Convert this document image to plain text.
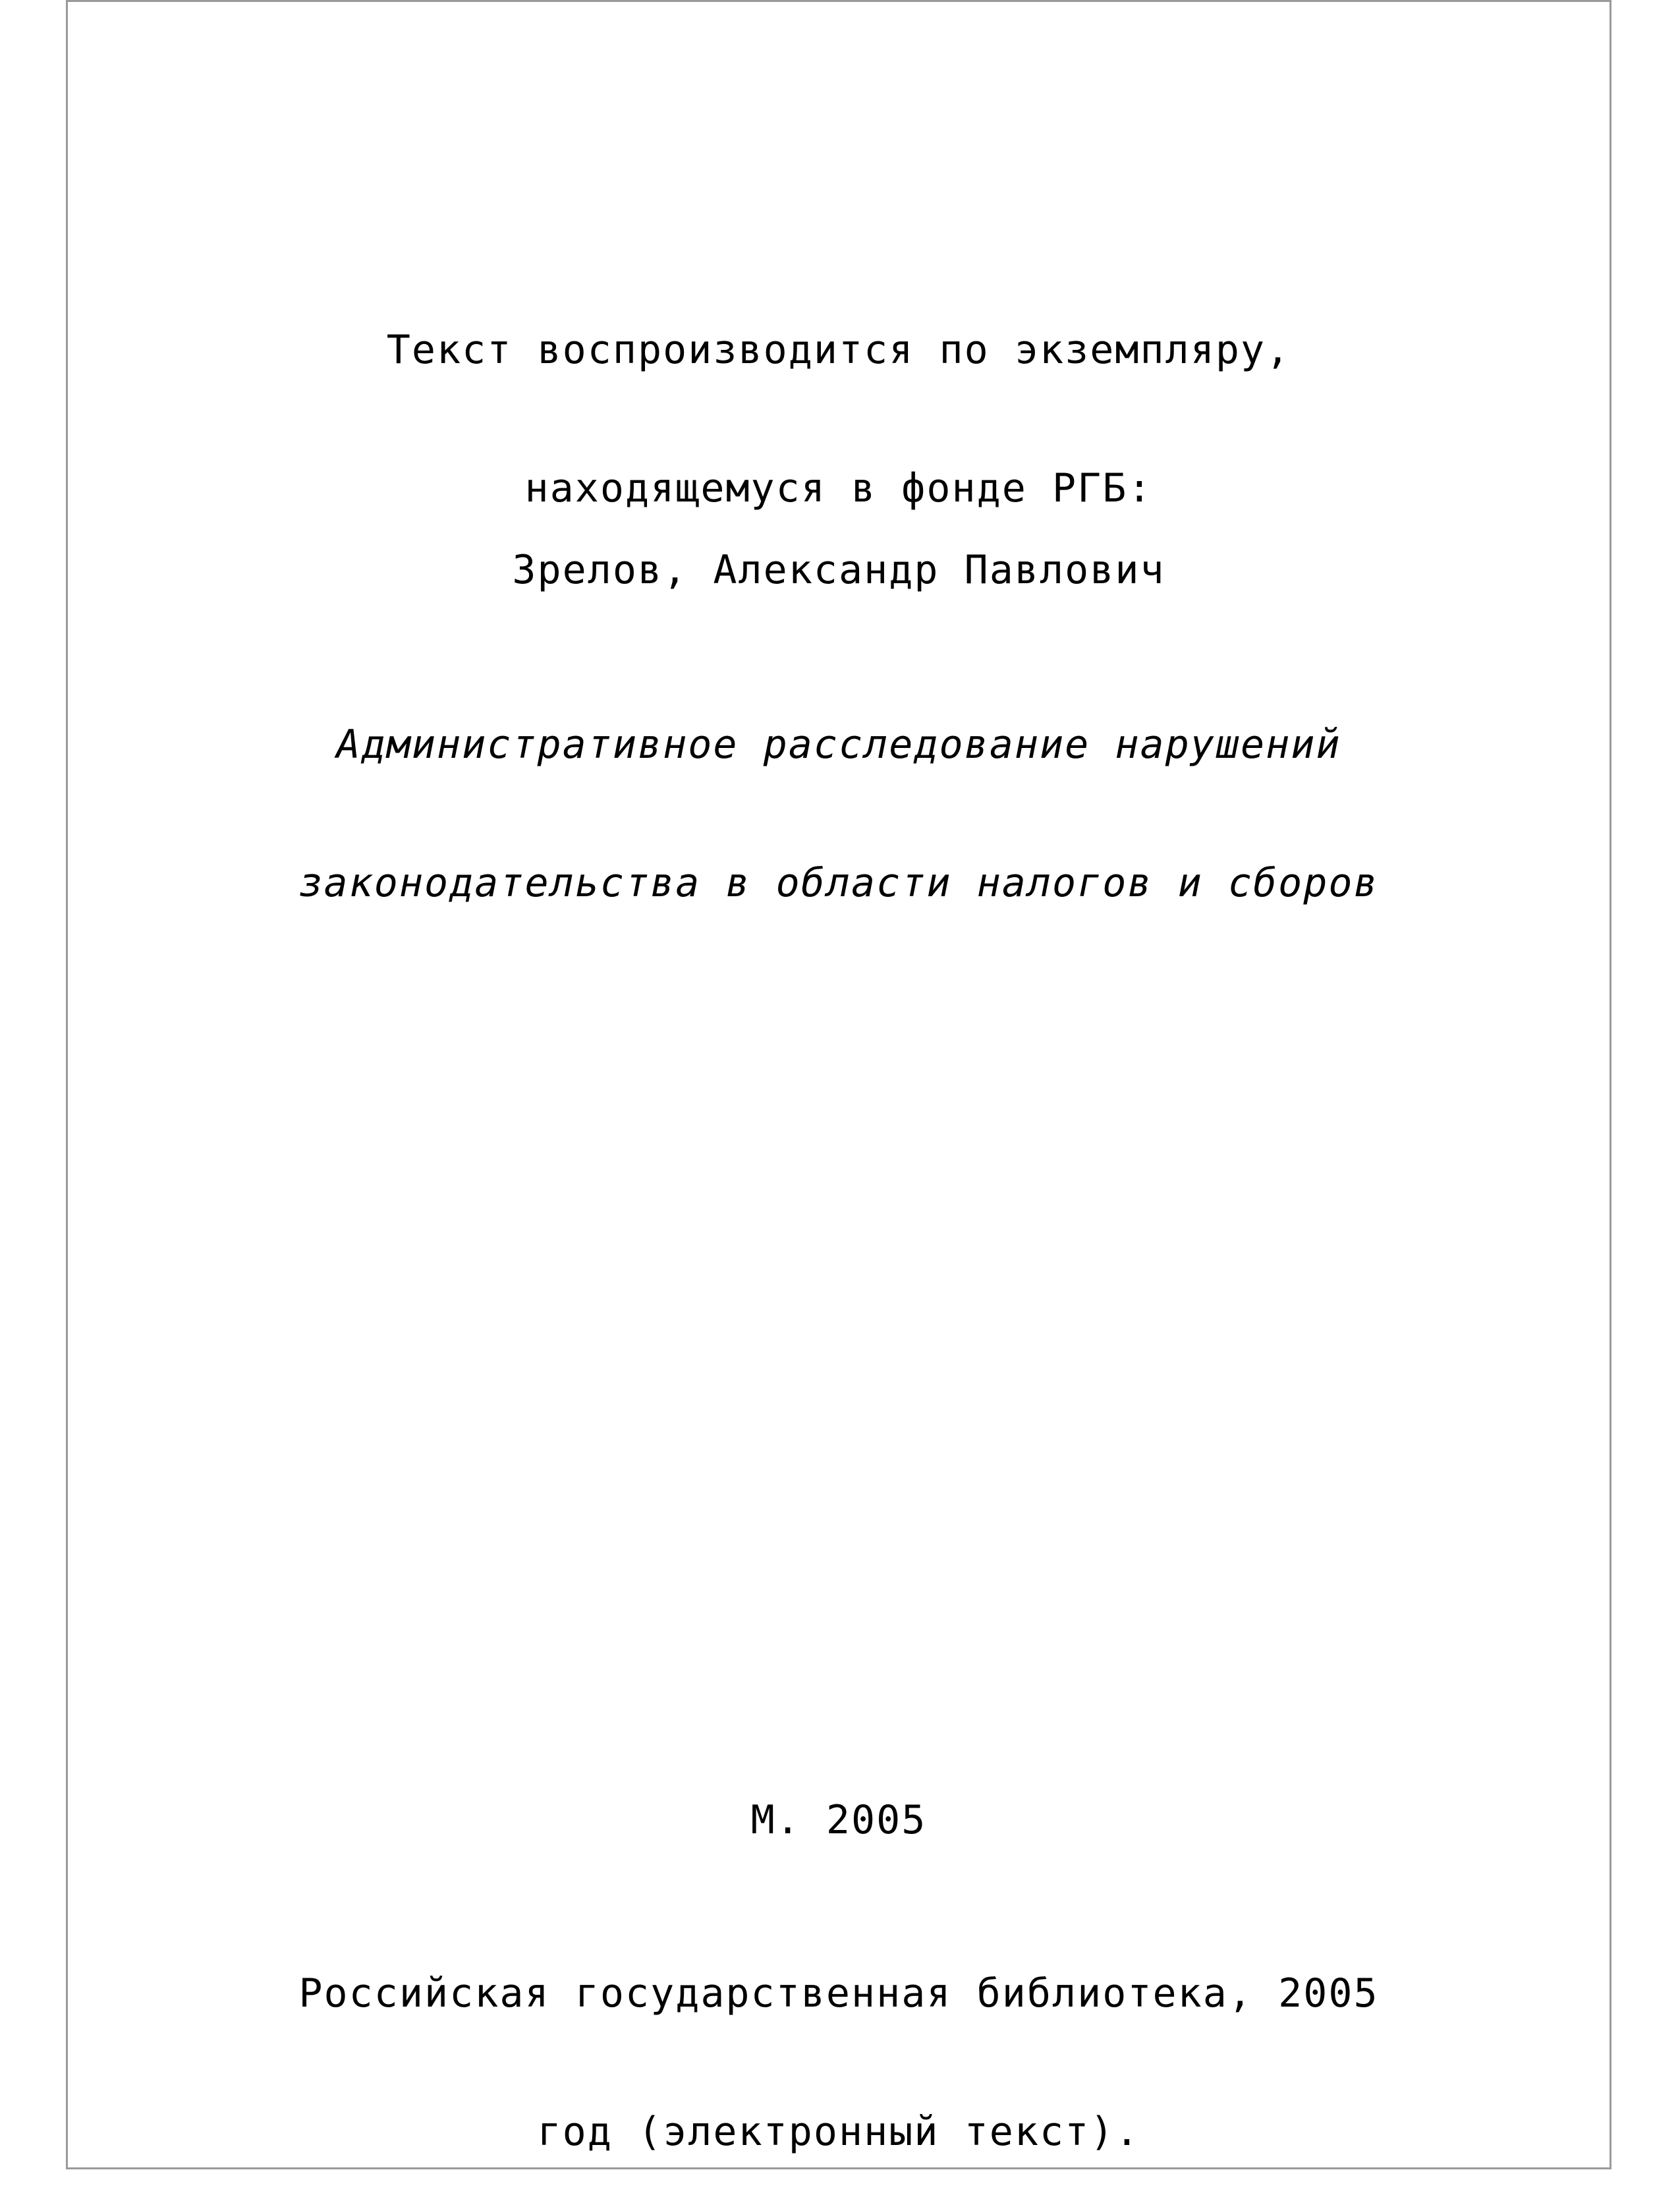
Текст воспроизводится по экземпляру,

находящемуся в фонде РГБ:

Зрелов, Александр Павлович

Административное расследование нарушений

законодательства в области налогов и сборов

М. 2005

Российская государственная библиотека, 2005

год (электронный текст).
